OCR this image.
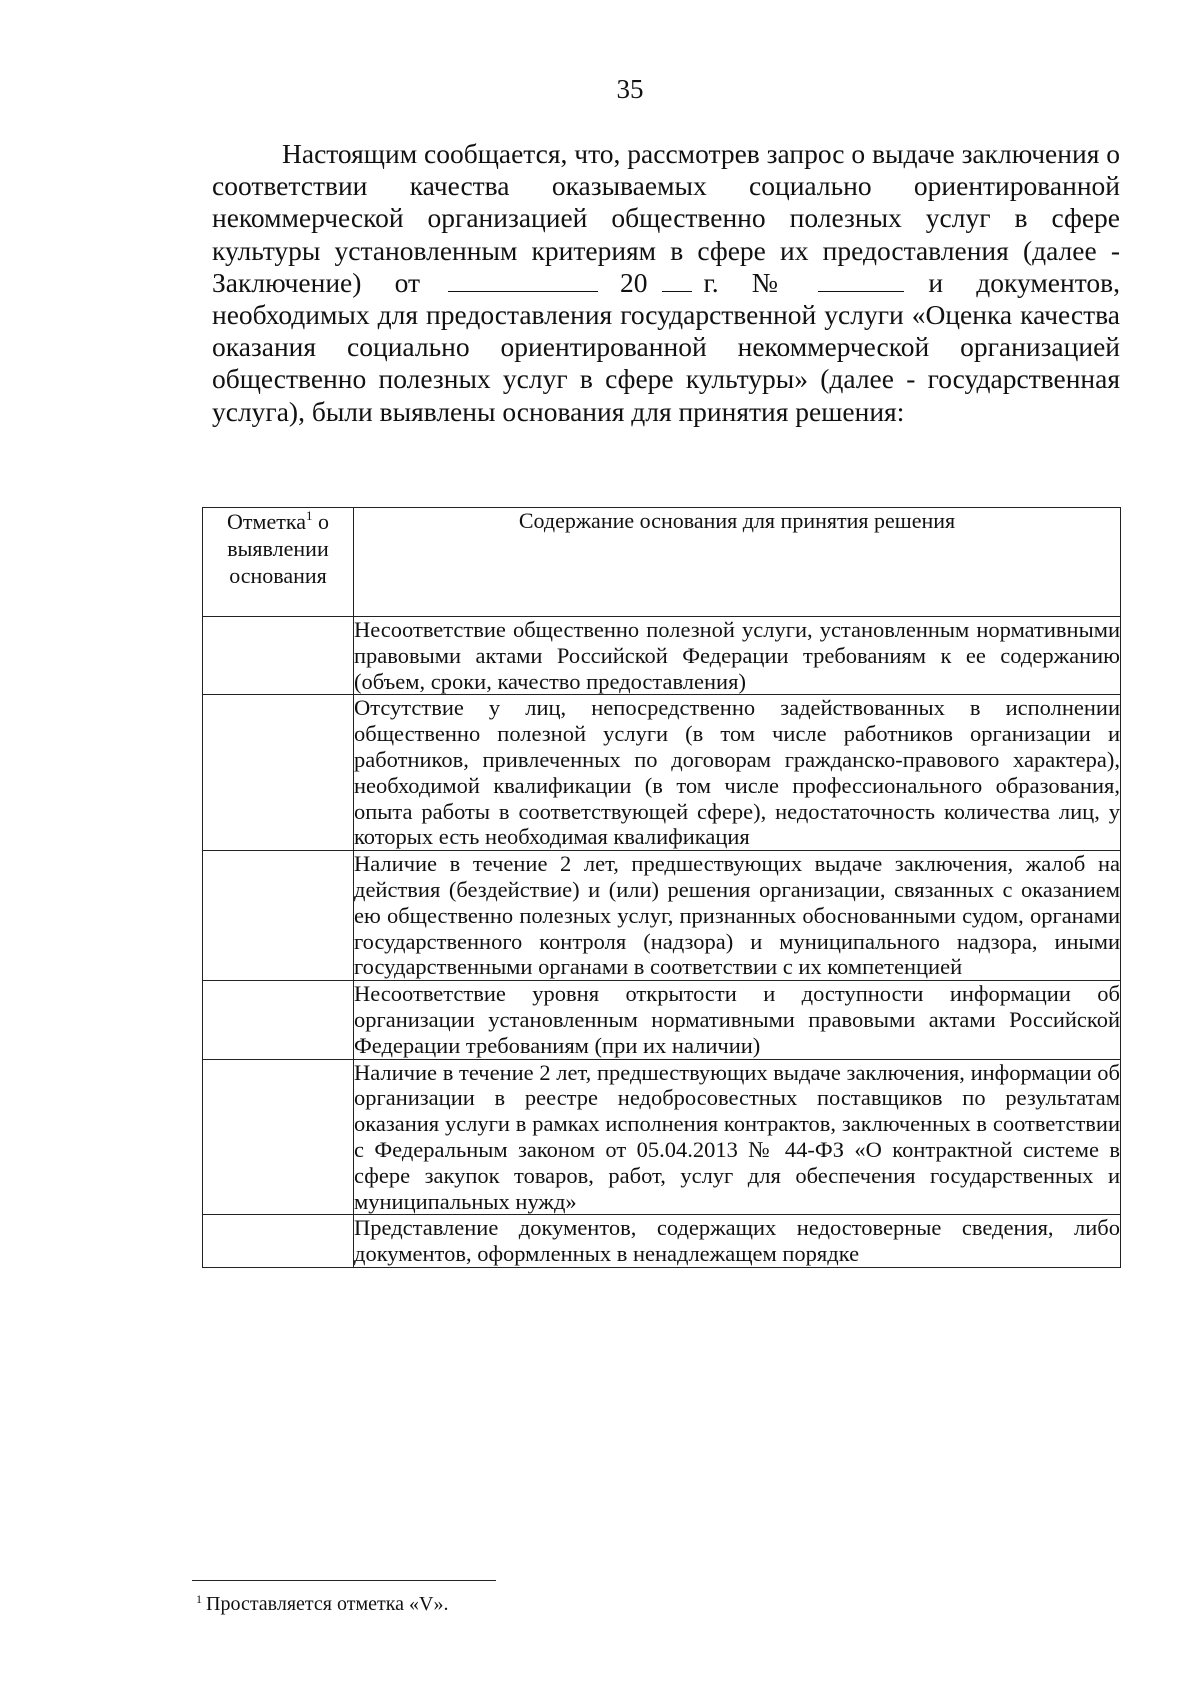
35

Настоящим сообщается, что, рассмотрев запрос о выдаче заключения о соответствии качества оказываемых социально ориентированной некоммерческой организацией общественно полезных услуг в сфере культуры установленным критериям в сфере их предоставления (далее - Заключение) от	20 г. №	и документов, необходимых для предоставления государственной услуги «Оценка качества оказания социально ориентированной некоммерческой организацией общественно полезных услуг в сфере культуры» (далее - государственная услуга), были выявлены основания для принятия решения:

Отметка$^1$ о выявлении основания	Содержание основания для принятия решения
	Несоответствие общественно полезной услуги, установленным нормативными правовыми актами Российской Федерации требованиям к ее содержанию (объем, сроки, качество предоставления)
	Отсутствие у лиц, непосредственно задействованных в исполнении общественно полезной услуги (в том числе работников организации и работников, привлеченных по договорам гражданско-правового характера), необходимой квалификации (в том числе профессионального образования, опыта работы в соответствующей сфере), недостаточность количества лиц, у которых есть необходимая квалификация
	Наличие в течение 2 лет, предшествующих выдаче заключения, жалоб на действия (бездействие) и (или) решения организации, связанных с оказанием ею общественно полезных услуг, признанных обоснованными судом, органами государственного контроля (надзора) и муниципального надзора, иными государственными органами в соответствии с их компетенцией
	Несоответствие уровня открытости и доступности информации об организации установленным нормативными правовыми актами Российской Федерации требованиям (при их наличии)
	Наличие в течение 2 лет, предшествующих выдаче заключения, информации об организации в реестре недобросовестных поставщиков по результатам оказания услуги в рамках исполнения контрактов, заключенных в соответствии с Федеральным законом от 05.04.2013 № 44-ФЗ «О контрактной системе в сфере закупок товаров, работ, услуг для обеспечения государственных и муниципальных нужд»
	Представление документов, содержащих недостоверные сведения, либо документов, оформленных в ненадлежащем порядке
$^1$ Проставляется отметка «V».
